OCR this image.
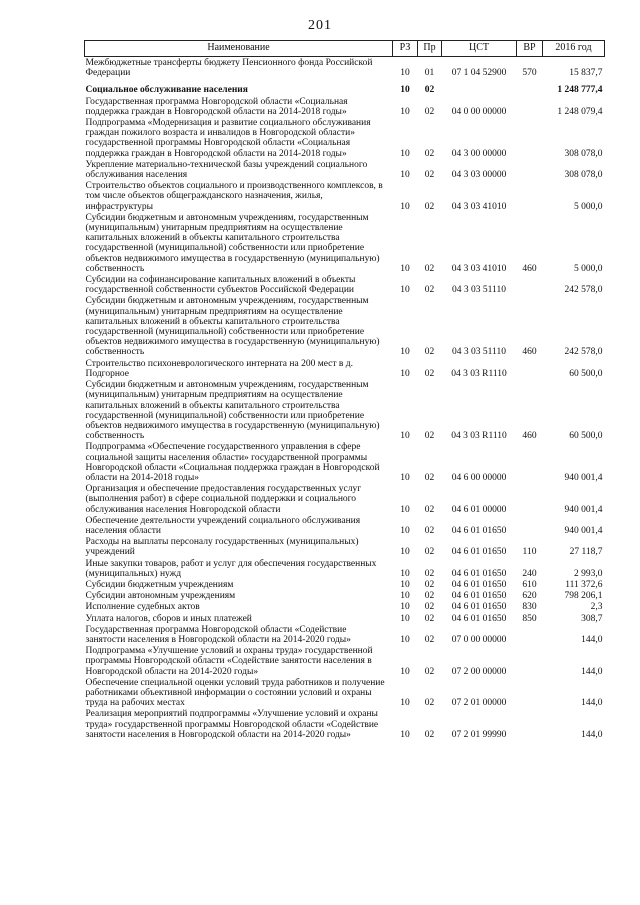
201
Наименование	РЗ	Пр	ЦСТ	ВР	2016 год
Межбюджетные трансферты бюджету Пенсионного фонда Российской Федерации	10	01	07 1 04 52900	570	15 837,7
Социальное обслуживание населения	10	02			1 248 777,4
Государственная программа Новгородской области «Социальная поддержка граждан в Новгородской области на 2014-2018 годы»	10	02	04 0 00 00000		1 248 079,4
Подпрограмма «Модернизация и развитие социального обслуживания граждан пожилого возраста и инвалидов в Новгородской области» государственной программы Новгородской области «Социальная поддержка граждан в Новгородской области на 2014-2018 годы»	10	02	04 3 00 00000		308 078,0
Укрепление материально-технической базы учреждений социального обслуживания населения	10	02	04 3 03 00000		308 078,0
Строительство объектов социального и производственного комплексов, в том числе объектов общегражданского назначения, жилья, инфраструктуры	10	02	04 3 03 41010		5 000,0
Субсидии бюджетным и автономным учреждениям, государственным (муниципальным) унитарным предприятиям на осуществление капитальных вложений в объекты капитального строительства государственной (муниципальной) собственности или приобретение объектов недвижимого имущества в государственную (муниципальную) собственность	10	02	04 3 03 41010	460	5 000,0
Субсидии на софинансирование капитальных вложений в объекты государственной собственности субъектов Российской Федерации	10	02	04 3 03 51110		242 578,0
Субсидии бюджетным и автономным учреждениям, государственным (муниципальным) унитарным предприятиям на осуществление капитальных вложений в объекты капитального строительства государственной (муниципальной) собственности или приобретение объектов недвижимого имущества в государственную (муниципальную) собственность	10	02	04 3 03 51110	460	242 578,0
Строительство психоневрологического интерната на 200 мест в д. Подгорное	10	02	04 3 03 R1110		60 500,0
Субсидии бюджетным и автономным учреждениям, государственным (муниципальным) унитарным предприятиям на осуществление капитальных вложений в объекты капитального строительства государственной (муниципальной) собственности или приобретение объектов недвижимого имущества в государственную (муниципальную) собственность	10	02	04 3 03 R1110	460	60 500,0
Подпрограмма «Обеспечение государственного управления в сфере социальной защиты населения области» государственной программы Новгородской области «Социальная поддержка граждан в Новгородской области на 2014-2018 годы»	10	02	04 6 00 00000		940 001,4
Организация и обеспечение предоставления государственных услуг (выполнения работ) в сфере социальной поддержки и социального обслуживания населения Новгородской области	10	02	04 6 01 00000		940 001,4
Обеспечение деятельности учреждений социального обслуживания населения области	10	02	04 6 01 01650		940 001,4
Расходы на выплаты персоналу государственных (муниципальных) учреждений	10	02	04 6 01 01650	110	27 118,7
Иные закупки товаров, работ и услуг для обеспечения государственных (муниципальных) нужд	10	02	04 6 01 01650	240	2 993,0
Субсидии бюджетным учреждениям	10	02	04 6 01 01650	610	111 372,6
Субсидии автономным учреждениям	10	02	04 6 01 01650	620	798 206,1
Исполнение судебных актов	10	02	04 6 01 01650	830	2,3
Уплата налогов, сборов и иных платежей	10	02	04 6 01 01650	850	308,7
Государственная программа Новгородской области «Содействие занятости населения в Новгородской области на 2014-2020 годы»	10	02	07 0 00 00000		144,0
Подпрограмма «Улучшение условий и охраны труда» государственной программы Новгородской области «Содействие занятости населения в Новгородской области на 2014-2020 годы»	10	02	07 2 00 00000		144,0
Обеспечение специальной оценки условий труда работников и получение работниками объективной информации о состоянии условий и охраны труда на рабочих местах	10	02	07 2 01 00000		144,0
Реализация мероприятий подпрограммы «Улучшение условий и охраны труда» государственной программы Новгородской области «Содействие занятости населения в Новгородской области на 2014-2020 годы»	10	02	07 2 01 99990		144,0
